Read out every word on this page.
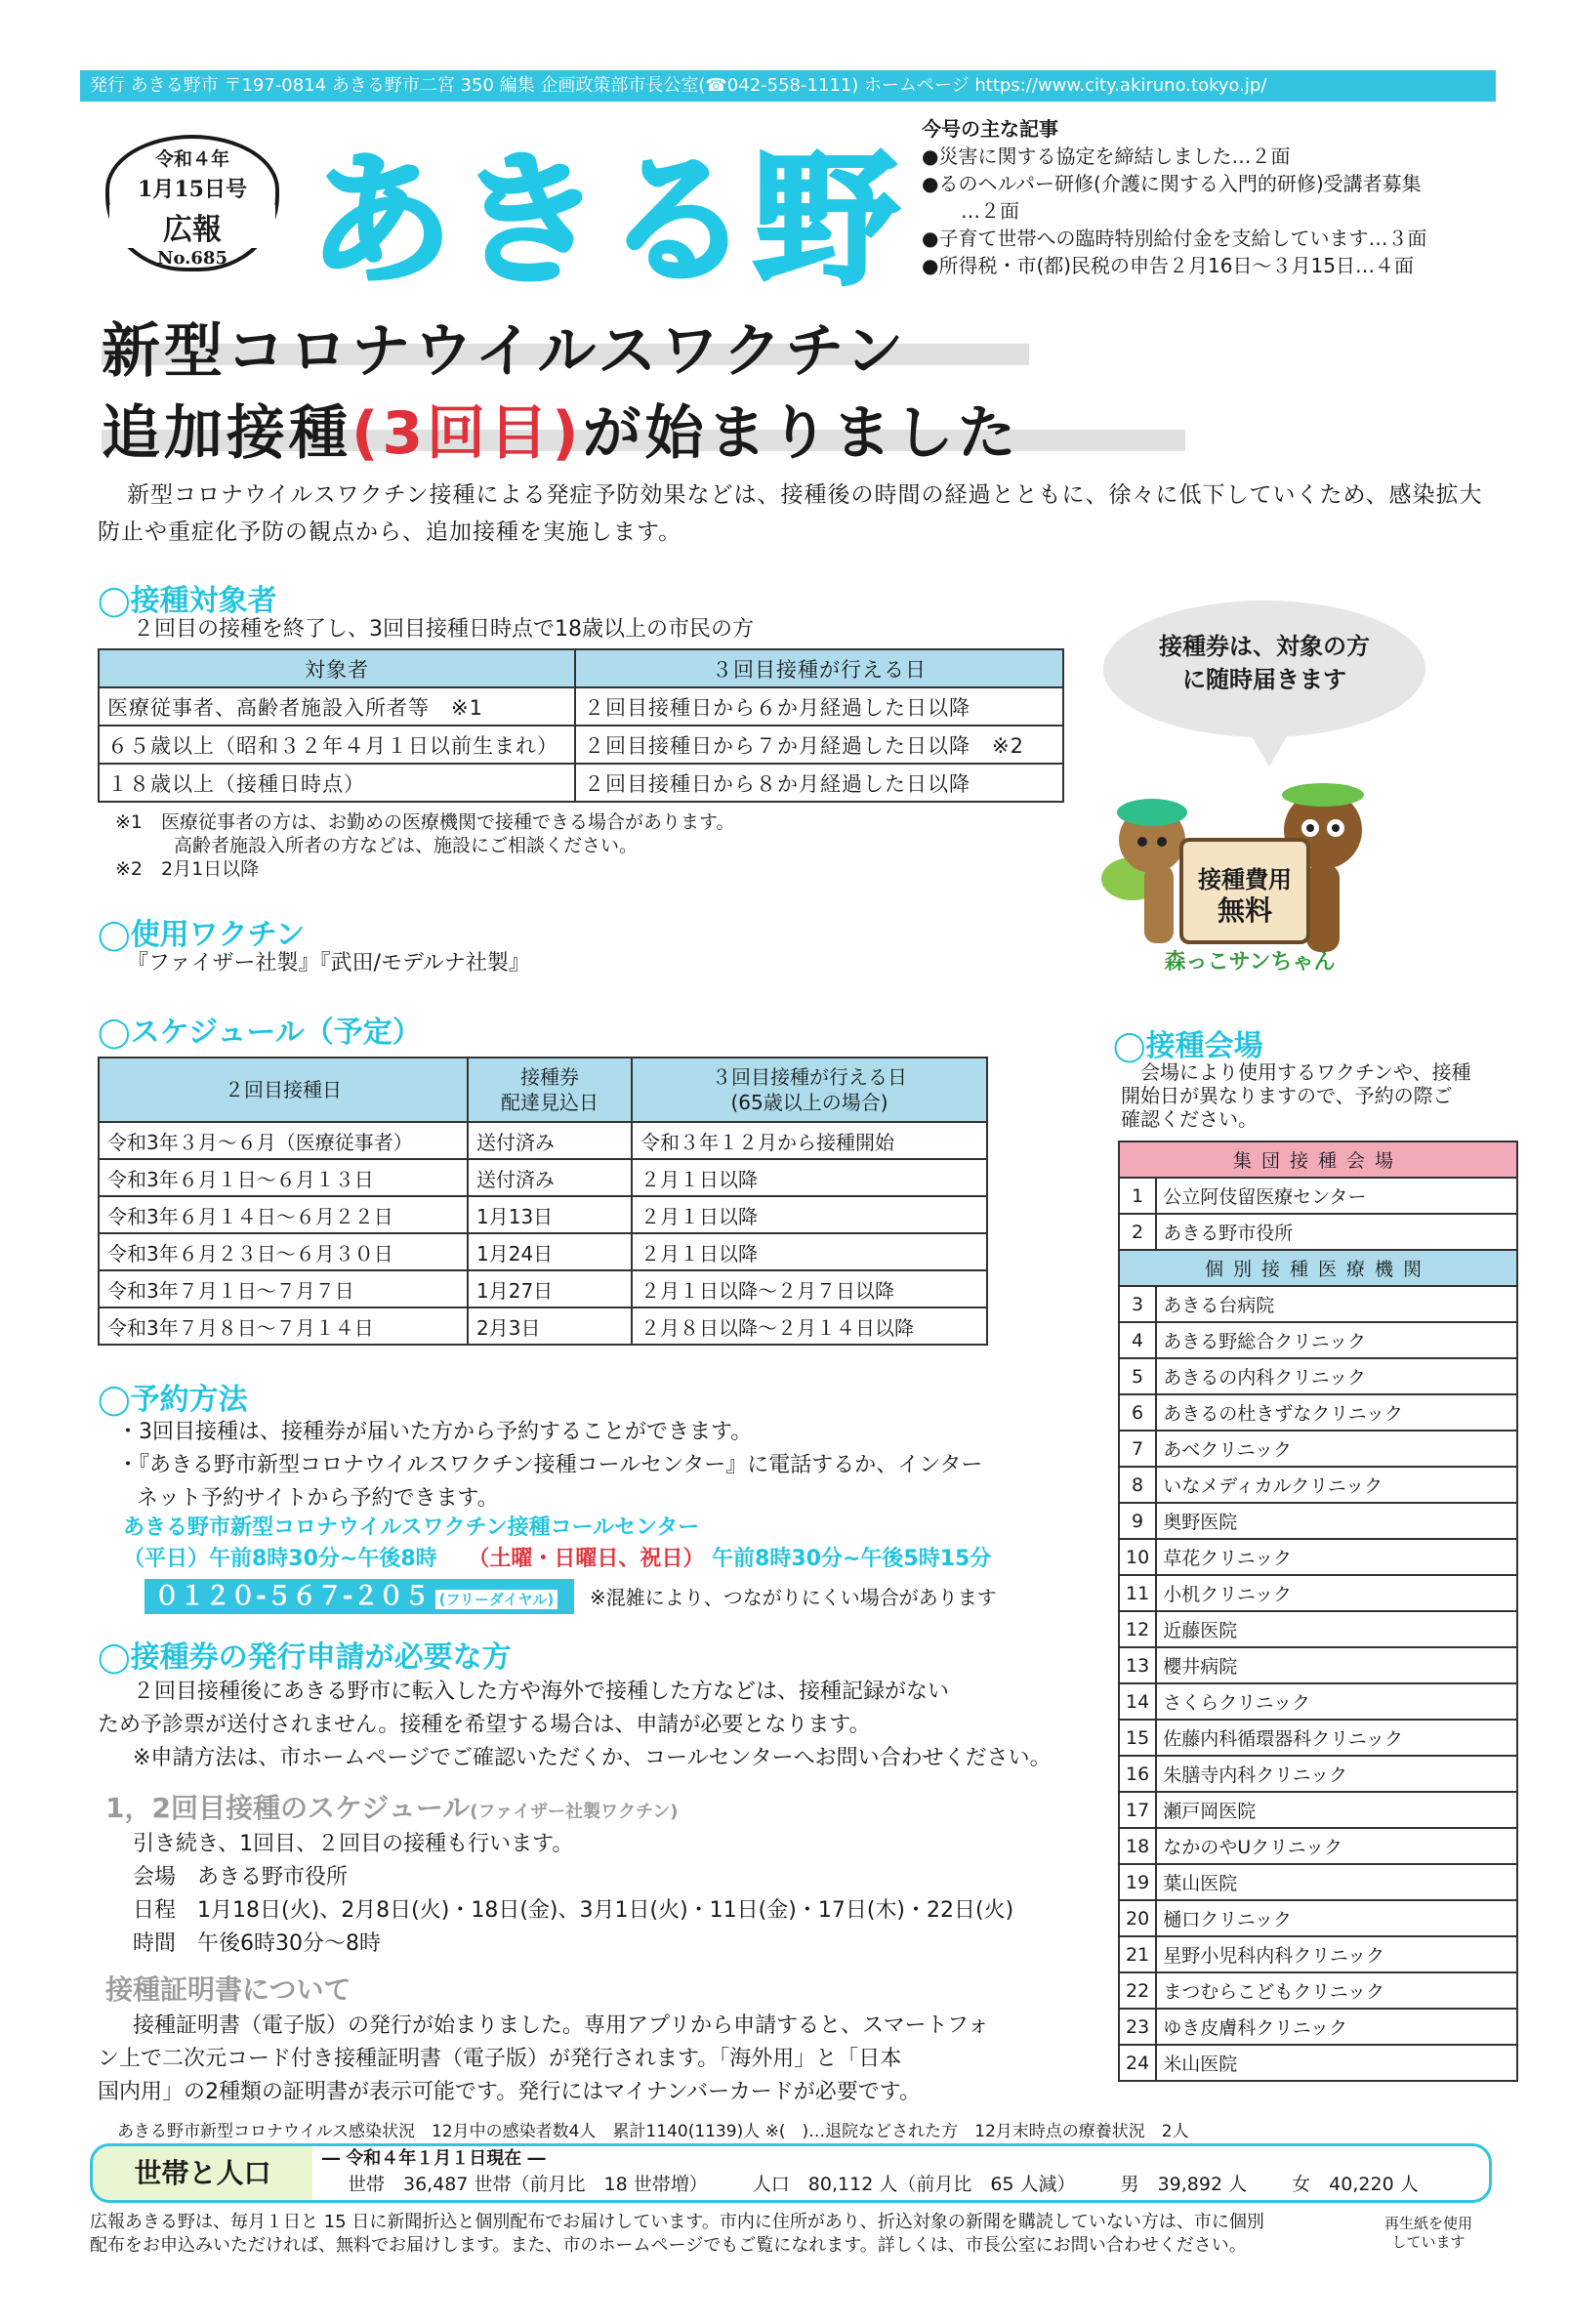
発行 あきる野市 〒197-0814 あきる野市二宮 350 編集 企画政策部市長公室(☎042-558-1111) ホームページ https://www.city.akiruno.tokyo.jp/
令和４年
1月15日号
広報
No.685 あきる野
今号の主な記事
●災害に関する協定を締結しました…２面
●るのヘルパー研修(介護に関する入門的研修)受講者募集
…２面
●子育て世帯への臨時特別給付金を支給しています…３面
●所得税・市(都)民税の申告２月16日～３月15日…４面
新型コロナウイルスワクチン
追加接種(3回目)が始まりました
新型コロナウイルスワクチン接種による発症予防効果などは、接種後の時間の経過とともに、徐々に低下していくため、感染拡大防止や重症化予防の観点から、追加接種を実施します。
◯接種対象者
２回目の接種を終了し、3回目接種日時点で18歳以上の市民の方
対象者	３回目接種が行える日
医療従事者、高齢者施設入所者等　※1	２回目接種日から６か月経過した日以降
６５歳以上（昭和３２年４月１日以前生まれ）	２回目接種日から７か月経過した日以降　※2
１８歳以上（接種日時点）	２回目接種日から８か月経過した日以降
※1　医療従事者の方は、お勤めの医療機関で接種できる場合があります。
高齢者施設入所者の方などは、施設にご相談ください。
※2　2月1日以降
接種券は、対象の方
に随時届きます
接種費用
無料
森っこサンちゃん
◯使用ワクチン
『ファイザー社製』『武田/モデルナ社製』
◯スケジュール（予定）
２回目接種日	接種券
配達見込日	３回目接種が行える日
(65歳以上の場合)
令和3年３月～６月（医療従事者）	送付済み	令和３年１２月から接種開始
令和3年６月１日～６月１３日	送付済み	２月１日以降
令和3年６月１４日～６月２２日	1月13日	２月１日以降
令和3年６月２３日～６月３０日	1月24日	２月１日以降
令和3年７月１日～７月７日	1月27日	２月１日以降～２月７日以降
令和3年７月８日～７月１４日	2月3日	２月８日以降～２月１４日以降
◯接種会場
会場により使用するワクチンや、接種
開始日が異なりますので、予約の際ご
確認ください。
集団接種会場	
1	公立阿伎留医療センター
2	あきる野市役所
個別接種医療機関	
3	あきる台病院
4	あきる野総合クリニック
5	あきるの内科クリニック
6	あきるの杜きずなクリニック
7	あべクリニック
8	いなメディカルクリニック
9	奥野医院
10	草花クリニック
11	小机クリニック
12	近藤医院
13	櫻井病院
14	さくらクリニック
15	佐藤内科循環器科クリニック
16	朱膳寺内科クリニック
17	瀬戸岡医院
18	なかのやUクリニック
19	葉山医院
20	樋口クリニック
21	星野小児科内科クリニック
22	まつむらこどもクリニック
23	ゆき皮膚科クリニック
24	米山医院
◯予約方法
・3回目接種は、接種券が届いた方から予約することができます。
・『あきる野市新型コロナウイルスワクチン接種コールセンター』に電話するか、インター
ネット予約サイトから予約できます。
あきる野市新型コロナウイルスワクチン接種コールセンター
（平日）午前8時30分~午後8時 （土曜・日曜日、祝日） 午前8時30分~午後5時15分
０１２０-５６７-２０５ (フリーダイヤル)	※混雑により、つながりにくい場合があります
◯接種券の発行申請が必要な方
２回目接種後にあきる野市に転入した方や海外で接種した方などは、接種記録がない
ため予診票が送付されません。接種を希望する場合は、申請が必要となります。
※申請方法は、市ホームページでご確認いただくか、コールセンターへお問い合わせください。
1，2回目接種のスケジュール(ファイザー社製ワクチン)
引き続き、1回目、２回目の接種も行います。
会場　 あきる野市役所
日程　 1月18日(火)、2月8日(火)・18日(金)、3月1日(火)・11日(金)・17日(木)・22日(火)
時間　 午後6時30分～8時
接種証明書について
接種証明書（電子版）の発行が始まりました。専用アプリから申請すると、スマートフォ
ン上で二次元コード付き接種証明書（電子版）が発行されます。「海外用」と「日本
国内用」の2種類の証明書が表示可能です。発行にはマイナンバーカードが必要です。
あきる野市新型コロナウイルス感染状況　12月中の感染者数4人　累計1140(1139)人 ※(　)…退院などされた方　12月末時点の療養状況　2人
世帯と人口	― 令和４年１月１日現在 ―
世帯　36,487 世帯（前月比　18 世帯増） 人口　80,112 人（前月比　65 人減） 男　39,892 人 女　40,220 人
広報あきる野は、毎月１日と 15 日に新聞折込と個別配布でお届けしています。市内に住所があり、折込対象の新聞を購読していない方は、市に個別
配布をお申込みいただければ、無料でお届けします。また、市のホームページでもご覧になれます。詳しくは、市長公室にお問い合わせください。
再生紙を使用
しています
